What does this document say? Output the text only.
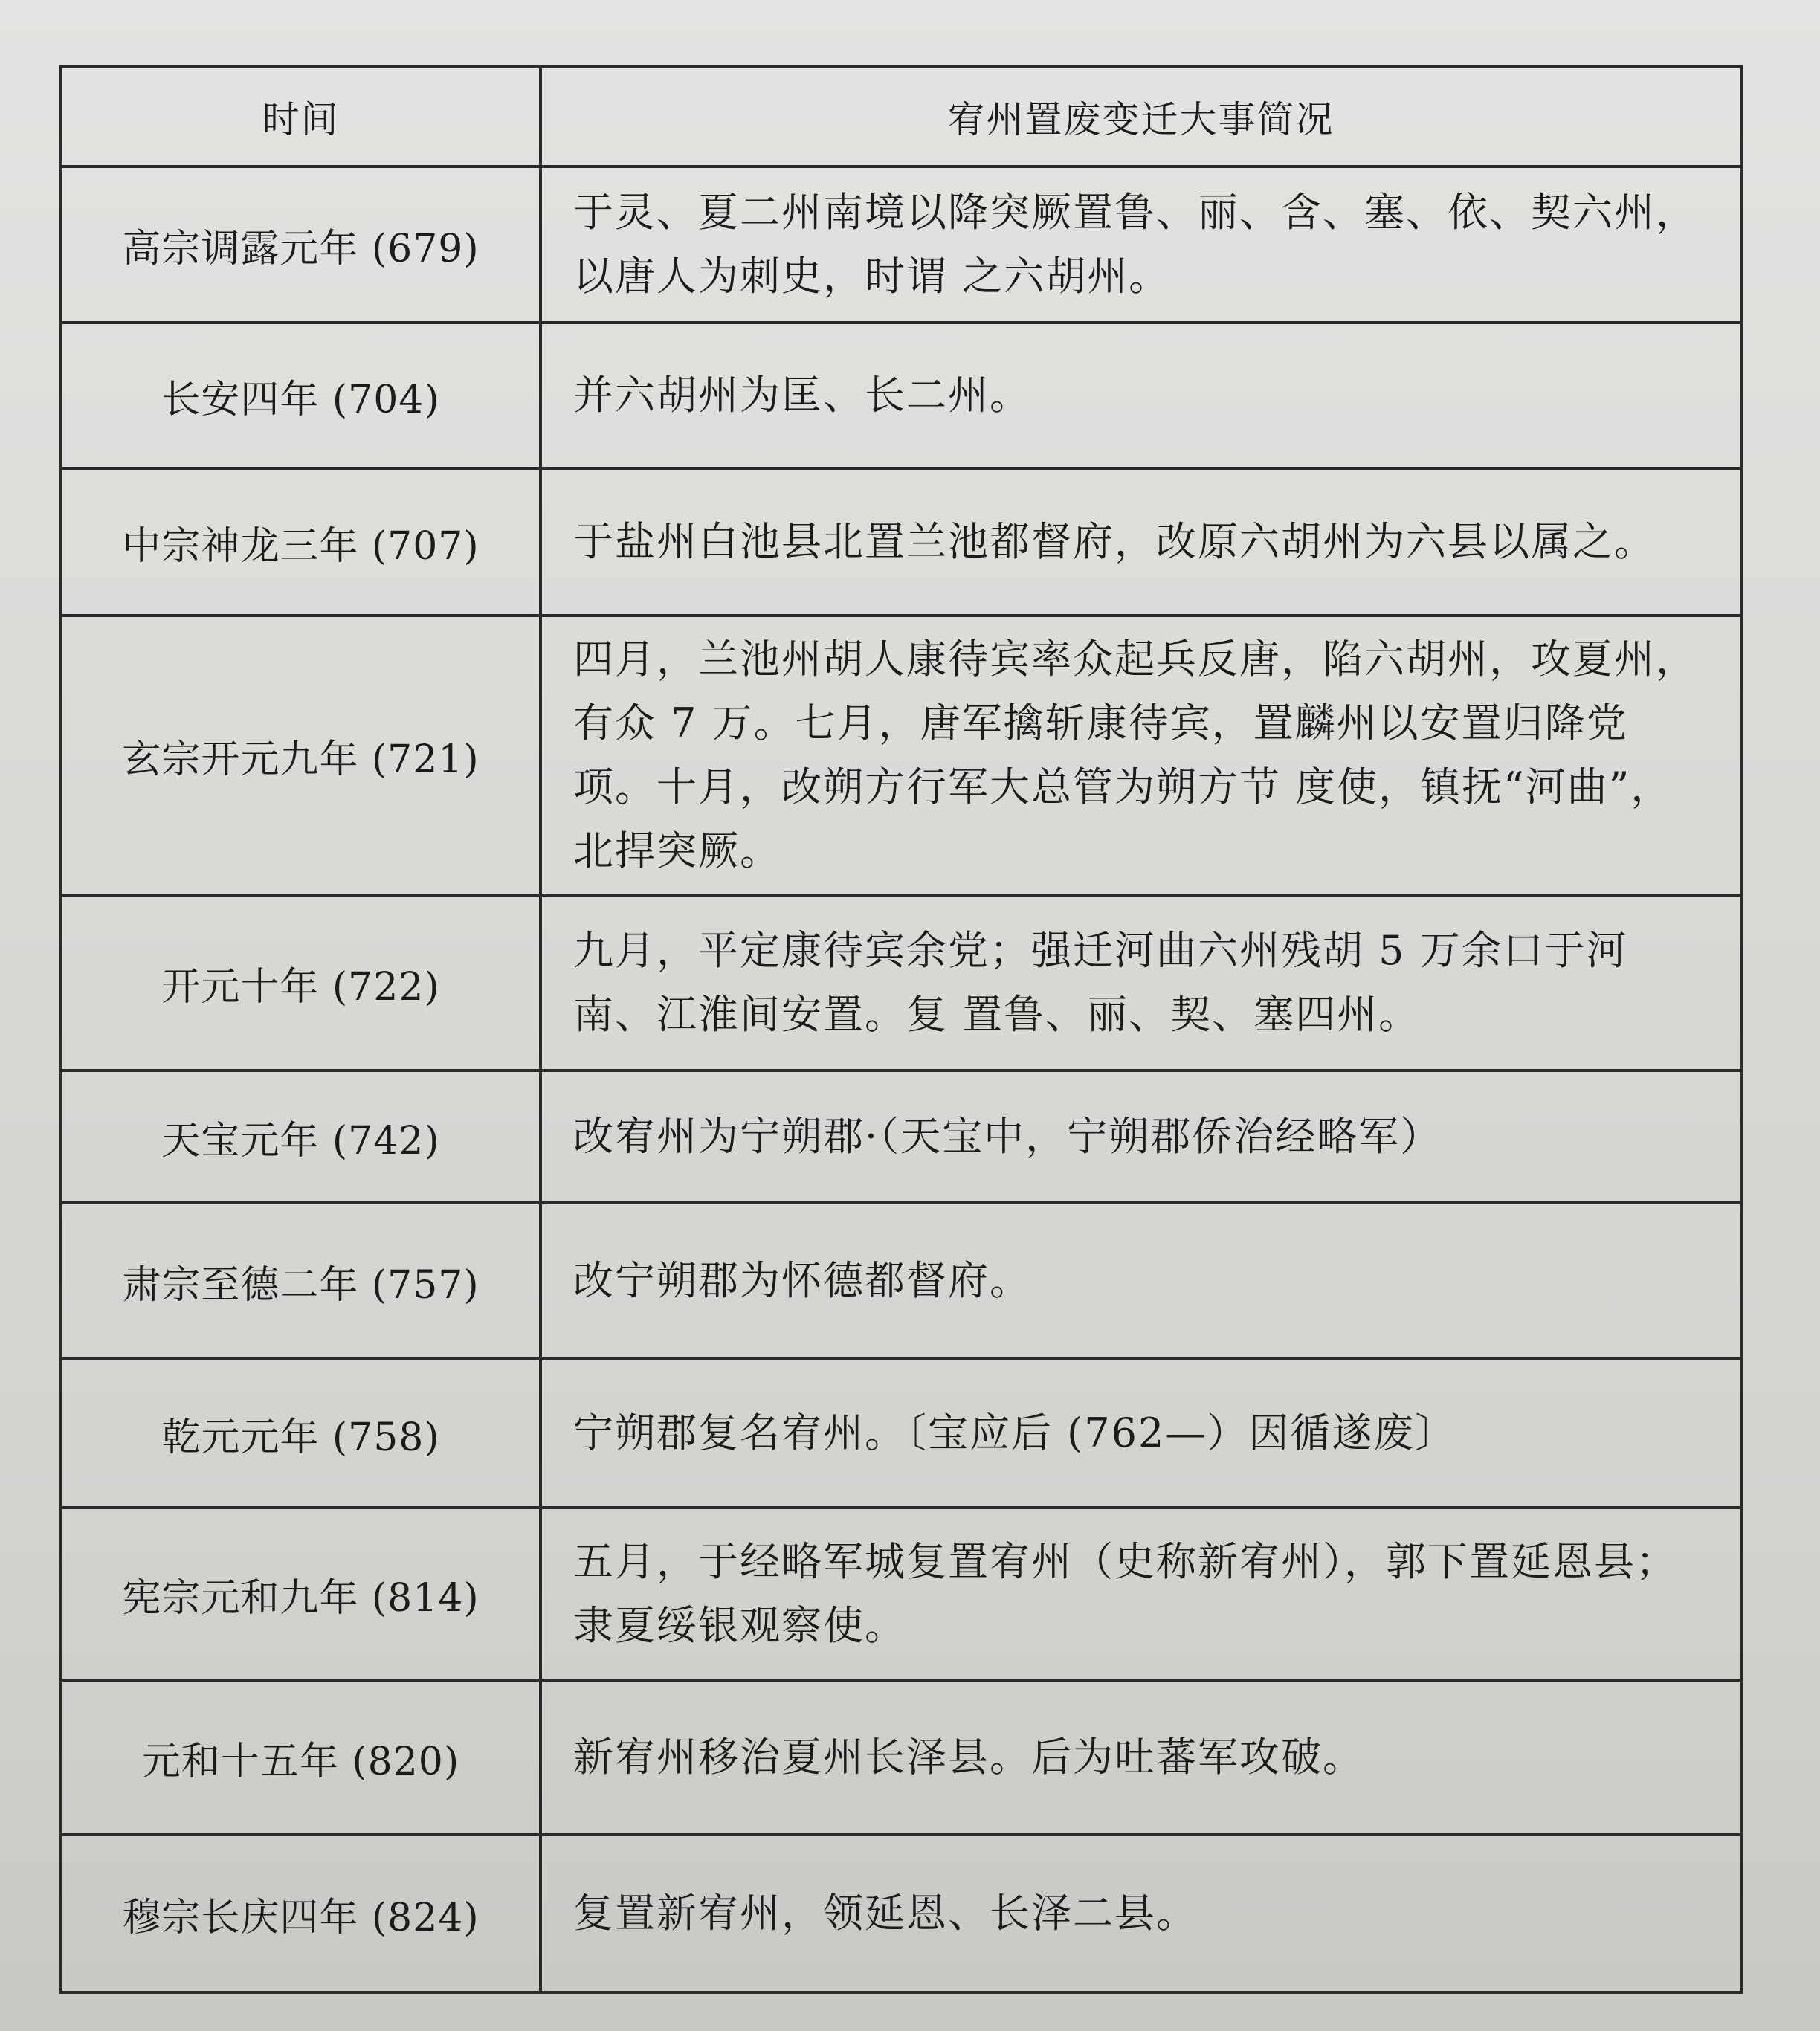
时间	宥州置废变迁大事简况
高宗调露元年 (679)	于灵、夏二州南境以降突厥置鲁、丽、含、塞、依、契六州，以唐人为刺史，时谓 之六胡州。
长安四年 (704)	并六胡州为匡、长二州。
中宗神龙三年 (707)	于盐州白池县北置兰池都督府，改原六胡州为六县以属之。
玄宗开元九年 (721)	四月，兰池州胡人康待宾率众起兵反唐，陷六胡州，攻夏州，有众 7 万。七月，唐军擒斩康待宾，置麟州以安置归降党项。十月，改朔方行军大总管为朔方节 度使，镇抚“河曲”，北捍突厥。
开元十年 (722)	九月，平定康待宾余党；强迁河曲六州残胡 5 万余口于河南、江淮间安置。复 置鲁、丽、契、塞四州。
天宝元年 (742)	改宥州为宁朔郡·（天宝中，宁朔郡侨治经略军）
肃宗至德二年 (757)	改宁朔郡为怀德都督府。
乾元元年 (758)	宁朔郡复名宥州。〔宝应后 (762—）因循遂废〕
宪宗元和九年 (814)	五月，于经略军城复置宥州（史称新宥州），郭下置延恩县；隶夏绥银观察使。
元和十五年 (820)	新宥州移治夏州长泽县。后为吐蕃军攻破。
穆宗长庆四年 (824)	复置新宥州，领延恩、长泽二县。
